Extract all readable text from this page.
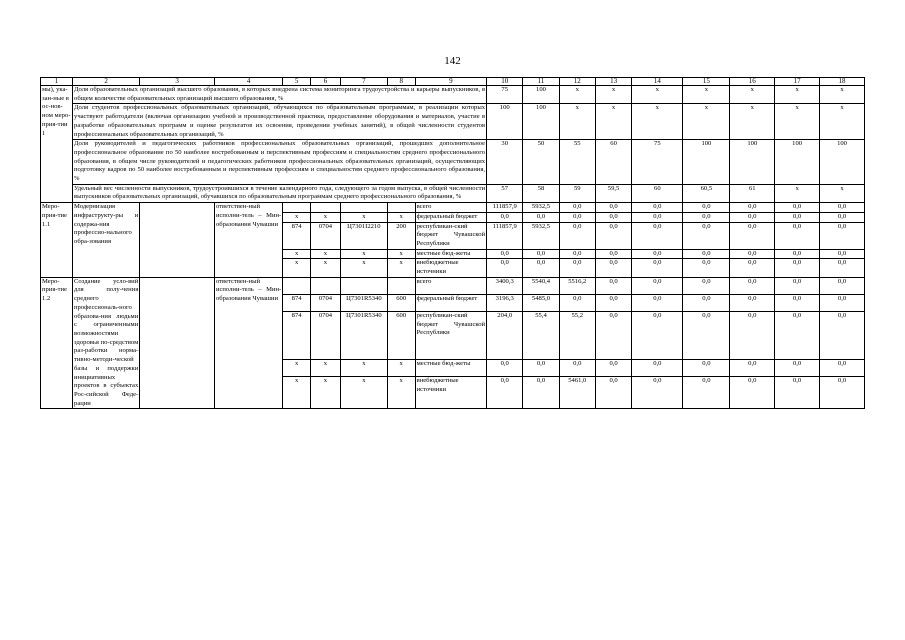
142
1	2	3	4	5	6	7	8	9	10	11	12	13	14	15	16	17	18
мы), ука-зан-ные в ос-нов-ном меро-прия-тии 1	Доля образовательных организаций высшего образования, в которых внедрена система мониторинга трудоустройства и карьеры выпускников, в общем количестве образовательных организаций высшего образования, %								75	100	x	x	x	x	x	x	x
	Доля студентов профессиональных образовательных организаций, обучающихся по образовательным программам, в реализации которых участвуют работодатели (включая организацию учебной и производственной практики, предоставление оборудования и материалов, участие в разработке образовательных программ и оценке результатов их освоения, проведении учебных занятий), в общей численности студентов профессиональных образовательных организаций, %								100	100	x	x	x	x	x	x	x
	Доля руководителей и педагогических работников профессиональных образовательных организаций, прошедших дополнительное профессиональное образование по 50 наиболее востребованным и перспективным профессиям и специальностям среднего профессионального образования, в общем числе руководителей и педагогических работников профессиональных образовательных организаций, осуществляющих подготовку кадров по 50 наиболее востребованным и перспективным профессиям и специальностям среднего профессионального образования, %								30	50	55	60	75	100	100	100	100
	Удельный вес численности выпускников, трудоустроившихся в течение календарного года, следующего за годом выпуска, в общей численности выпускников образовательных организаций, обучавшихся по образовательным программам среднего профессионального образования, %								57	58	59	59,5	60	60,5	61	x	x
Меро-прия-тие 1.1	Модернизация инфраструкту-ры и содержа-ния профессио-нального обра-зования		ответствен-ный исполни-тель – Мин-образования Чувашии					всего	111857,9	5932,5	0,0	0,0	0,0	0,0	0,0	0,0	0,0
				x	x	x	x	федеральный бюджет	0,0	0,0	0,0	0,0	0,0	0,0	0,0	0,0	0,0
				874	0704	Ц7301I2210	200	республикан-ский бюджет Чувашской Республики	111857,9	5932,5	0,0	0,0	0,0	0,0	0,0	0,0	0,0
				x	x	x	x	местные бюд-жеты	0,0	0,0	0,0	0,0	0,0	0,0	0,0	0,0	0,0
				x	x	x	x	внебюджетные источники	0,0	0,0	0,0	0,0	0,0	0,0	0,0	0,0	0,0
Меро-прия-тие 1.2	Создание усло-вий для полу-чения среднего профессиональ-ного образова-ния людьми с ограниченными возможностями здоровья по-средством раз-работки норма-тивно-методи-ческой базы и поддержки инициативных проектов в субъектах Рос-сийской Феде-рации		ответствен-ный исполни-тель – Мин-образования Чувашии					всего	3400,3	5540,4	5516,2	0,0	0,0	0,0	0,0	0,0	0,0
				874	0704	Ц7301R5340	600	федеральный бюджет	3196,3	5485,0	0,0	0,0	0,0	0,0	0,0	0,0	0,0
				874	0704	Ц7301R5340	600	республикан-ский бюджет Чувашской Республики	204,0	55,4	55,2	0,0	0,0	0,0	0,0	0,0	0,0
				x	x	x	x	местные бюд-жеты	0,0	0,0	0,0	0,0	0,0	0,0	0,0	0,0	0,0
				x	x	x	x	внебюджетные источники	0,0	0,0	5461,0	0,0	0,0	0,0	0,0	0,0	0,0
